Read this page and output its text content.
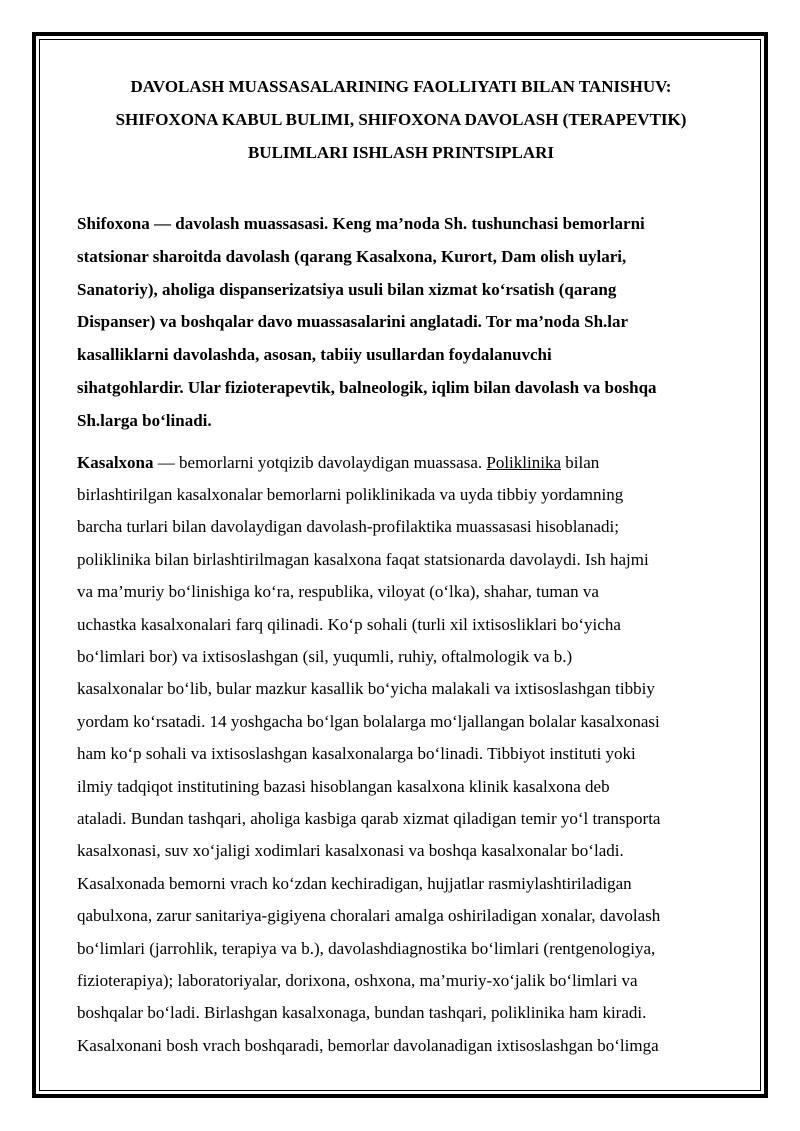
DAVOLASH MUASSASALARINING FAOLLIYATI BILAN TANISHUV:
SHIFOXONA KABUL BULIMI, SHIFOXONA DAVOLASH (TERAPEVTIK)
BULIMLARI ISHLASH PRINTSIPLARI

Shifoxona — davolash muassasasi. Keng ma’noda Sh. tushunchasi bemorlarni
statsionar sharoitda davolash (qarang Kasalxona, Kurort, Dam olish uylari,
Sanatoriy), aholiga dispanserizatsiya usuli bilan xizmat ko‘rsatish (qarang
Dispanser) va boshqalar davo muassasalarini anglatadi. Tor ma’noda Sh.lar
kasalliklarni davolashda, asosan, tabiiy usullardan foydalanuvchi
sihatgohlardir. Ular fizioterapevtik, balneologik, iqlim bilan davolash va boshqa
Sh.larga bo‘linadi.

Kasalxona — bemorlarni yotqizib davolaydigan muassasa. Poliklinika bilan
birlashtirilgan kasalxonalar bemorlarni poliklinikada va uyda tibbiy yordamning
barcha turlari bilan davolaydigan davolash-profilaktika muassasasi hisoblanadi;
poliklinika bilan birlashtirilmagan kasalxona faqat statsionarda davolaydi. Ish hajmi
va ma’muriy bo‘linishiga ko‘ra, respublika, viloyat (o‘lka), shahar, tuman va
uchastka kasalxonalari farq qilinadi. Ko‘p sohali (turli xil ixtisosliklari bo‘yicha
bo‘limlari bor) va ixtisoslashgan (sil, yuqumli, ruhiy, oftalmologik va b.)
kasalxonalar bo‘lib, bular mazkur kasallik bo‘yicha malakali va ixtisoslashgan tibbiy
yordam ko‘rsatadi. 14 yoshgacha bo‘lgan bolalarga mo‘ljallangan bolalar kasalxonasi
ham ko‘p sohali va ixtisoslashgan kasalxonalarga bo‘linadi. Tibbiyot instituti yoki
ilmiy tadqiqot institutining bazasi hisoblangan kasalxona klinik kasalxona deb
ataladi. Bundan tashqari, aholiga kasbiga qarab xizmat qiladigan temir yo‘l transporta
kasalxonasi, suv xo‘jaligi xodimlari kasalxonasi va boshqa kasalxonalar bo‘ladi.
Kasalxonada bemorni vrach ko‘zdan kechiradigan, hujjatlar rasmiylashtiriladigan
qabulxona, zarur sanitariya-gigiyena choralari amalga oshiriladigan xonalar, davolash
bo‘limlari (jarrohlik, terapiya va b.), davolashdiagnostika bo‘limlari (rentgenologiya,
fizioterapiya); laboratoriyalar, dorixona, oshxona, ma’muriy-xo‘jalik bo‘limlari va
boshqalar bo‘ladi. Birlashgan kasalxonaga, bundan tashqari, poliklinika ham kiradi.
Kasalxonani bosh vrach boshqaradi, bemorlar davolanadigan ixtisoslashgan bo‘limga
